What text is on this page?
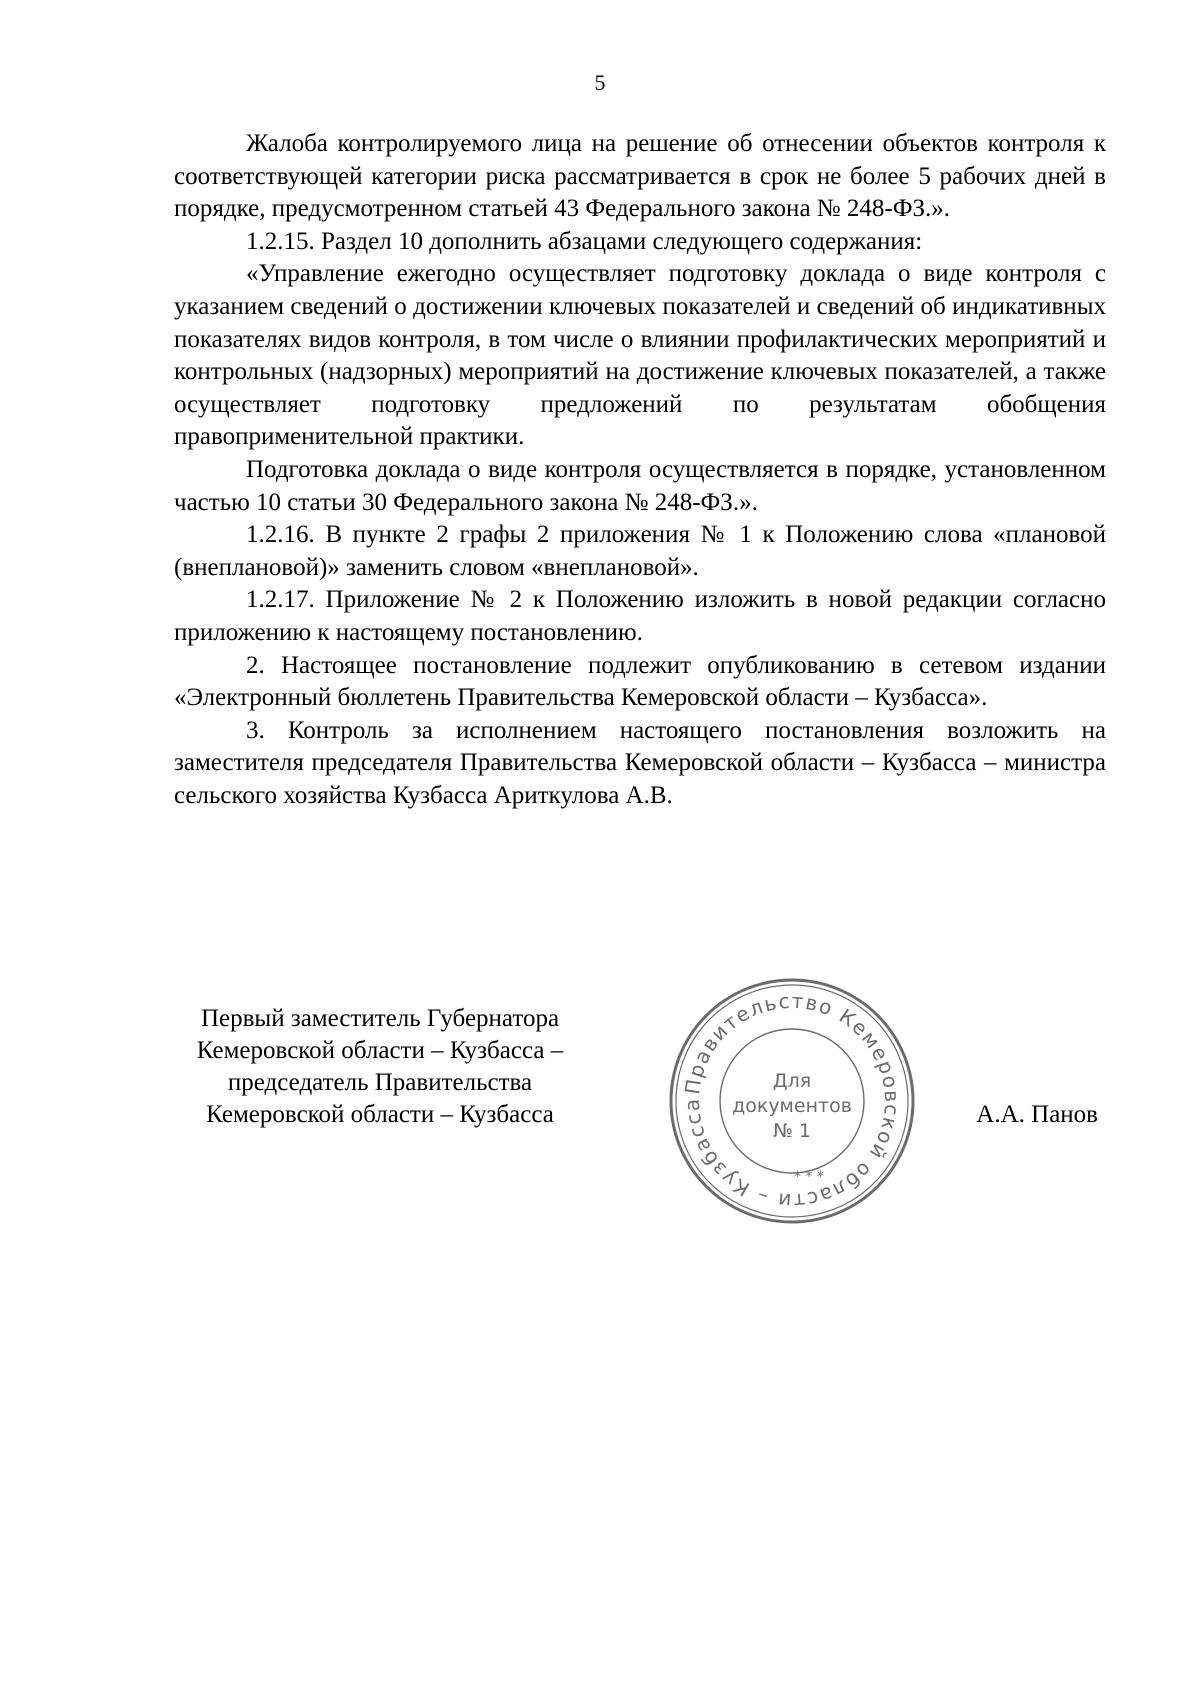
5

Жалоба контролируемого лица на решение об отнесении объектов контроля к соответствующей категории риска рассматривается в срок не более 5 рабочих дней в порядке, предусмотренном статьей 43 Федерального закона № 248-ФЗ.».

1.2.15. Раздел 10 дополнить абзацами следующего содержания:

«Управление ежегодно осуществляет подготовку доклада о виде контроля с указанием сведений о достижении ключевых показателей и сведений об индикативных показателях видов контроля, в том числе о влиянии профилактических мероприятий и контрольных (надзорных) мероприятий на достижение ключевых показателей, а также осуществляет подготовку предложений по результатам обобщения правоприменительной практики.

Подготовка доклада о виде контроля осуществляется в порядке, установленном частью 10 статьи 30 Федерального закона № 248-ФЗ.».

1.2.16. В пункте 2 графы 2 приложения № 1 к Положению слова «плановой (внеплановой)» заменить словом «внеплановой».

1.2.17. Приложение № 2 к Положению изложить в новой редакции согласно приложению к настоящему постановлению.

2. Настоящее постановление подлежит опубликованию в сетевом издании «Электронный бюллетень Правительства Кемеровской области – Кузбасса».

3. Контроль за исполнением настоящего постановления возложить на заместителя председателя Правительства Кемеровской области – Кузбасса – министра сельского хозяйства Кузбасса Ариткулова А.В.

Первый заместитель Губернатора
Кемеровской области – Кузбасса –
председатель Правительства
Кемеровской области – Кузбасса
Правительство Кемеровской области – Кузбасса
* * *
Для
документов
№ 1
А.А. Панов
